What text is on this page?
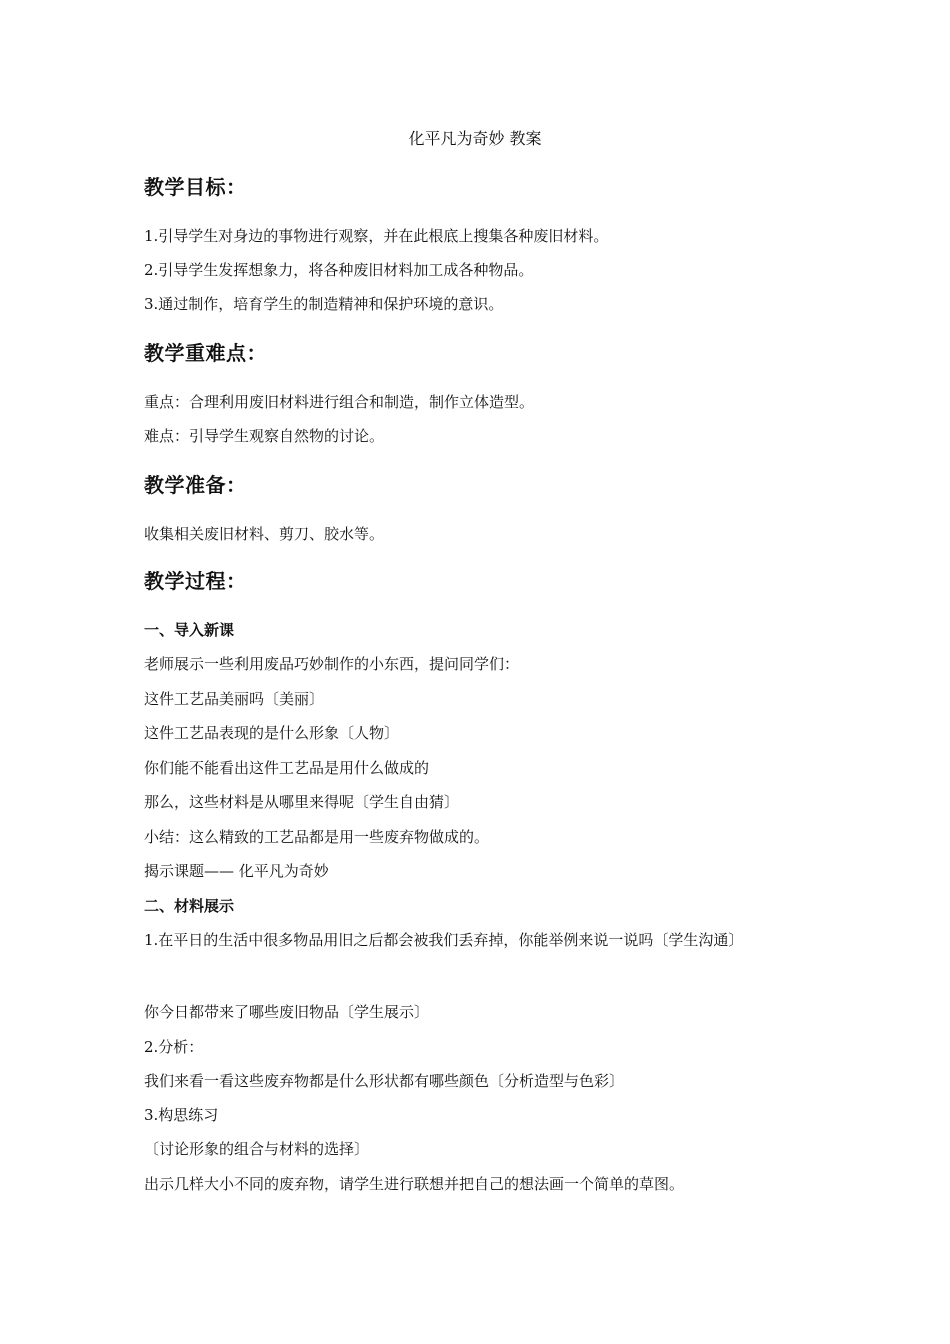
化平凡为奇妙 教案
教学目标：
1.引导学生对身边的事物进行观察，并在此根底上搜集各种废旧材料。
2.引导学生发挥想象力，将各种废旧材料加工成各种物品。
3.通过制作，培育学生的制造精神和保护环境的意识。
教学重难点：
重点：合理利用废旧材料进行组合和制造，制作立体造型。
难点：引导学生观察自然物的讨论。
教学准备：
收集相关废旧材料、剪刀、胶水等。
教学过程：
一、导入新课
老师展示一些利用废品巧妙制作的小东西，提问同学们：
这件工艺品美丽吗〔美丽〕
这件工艺品表现的是什么形象〔人物〕
你们能不能看出这件工艺品是用什么做成的
那么，这些材料是从哪里来得呢〔学生自由猜〕
小结：这么精致的工艺品都是用一些废弃物做成的。
揭示课题—— 化平凡为奇妙
二、材料展示
1.在平日的生活中很多物品用旧之后都会被我们丢弃掉，你能举例来说一说吗〔学生沟通〕
你今日都带来了哪些废旧物品〔学生展示〕
2.分析：
我们来看一看这些废弃物都是什么形状都有哪些颜色〔分析造型与色彩〕
3.构思练习
〔讨论形象的组合与材料的选择〕
出示几样大小不同的废弃物，请学生进行联想并把自己的想法画一个简单的草图。
